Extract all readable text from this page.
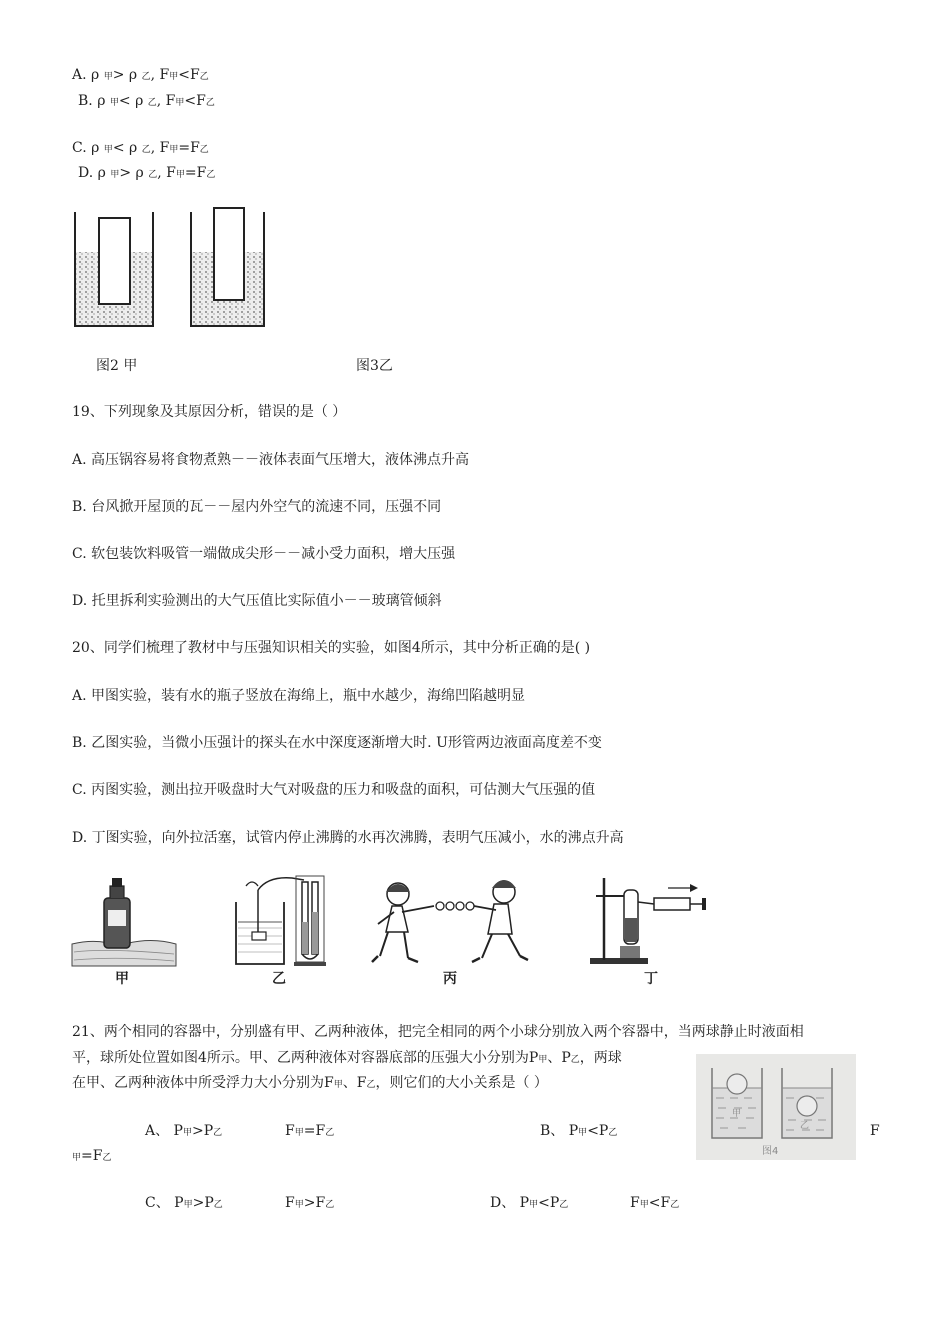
A. ρ 甲> ρ 乙, F甲<F乙
B. ρ 甲< ρ 乙, F甲<F乙
C. ρ 甲< ρ 乙, F甲=F乙
D. ρ 甲> ρ 乙, F甲=F乙
图2 甲	图3乙
19、下列现象及其原因分析，错误的是（ ）
A. 高压锅容易将食物煮熟－－液体表面气压增大，液体沸点升高
B. 台风掀开屋顶的瓦－－屋内外空气的流速不同，压强不同
C. 软包装饮料吸管一端做成尖形－－减小受力面积，增大压强
D. 托里拆利实验测出的大气压值比实际值小－－玻璃管倾斜
20、同学们梳理了教材中与压强知识相关的实验，如图4所示，其中分析正确的是( )
A. 甲图实验，装有水的瓶子竖放在海绵上，瓶中水越少，海绵凹陷越明显
B. 乙图实验，当微小压强计的探头在水中深度逐渐增大时. U形管两边液面高度差不变
C. 丙图实验，测出拉开吸盘时大气对吸盘的压力和吸盘的面积，可估测大气压强的值
D. 丁图实验，向外拉活塞，试管内停止沸腾的水再次沸腾，表明气压减小，水的沸点升高
甲	乙	丙	丁
21、两个相同的容器中，分别盛有甲、乙两种液体，把完全相同的两个小球分别放入两个容器中，当两球静止时液面相
平，球所处位置如图4所示。甲、乙两种液体对容器底部的压强大小分别为P甲、P乙，两球
在甲、乙两种液体中所受浮力大小分别为F甲、F乙，则它们的大小关系是（ ）
甲
乙
图4
A、 P甲>P乙	F甲=F乙	B、 P甲<P乙	F
甲=F乙
C、 P甲>P乙	F甲>F乙	D、 P甲<P乙	F甲<F乙
